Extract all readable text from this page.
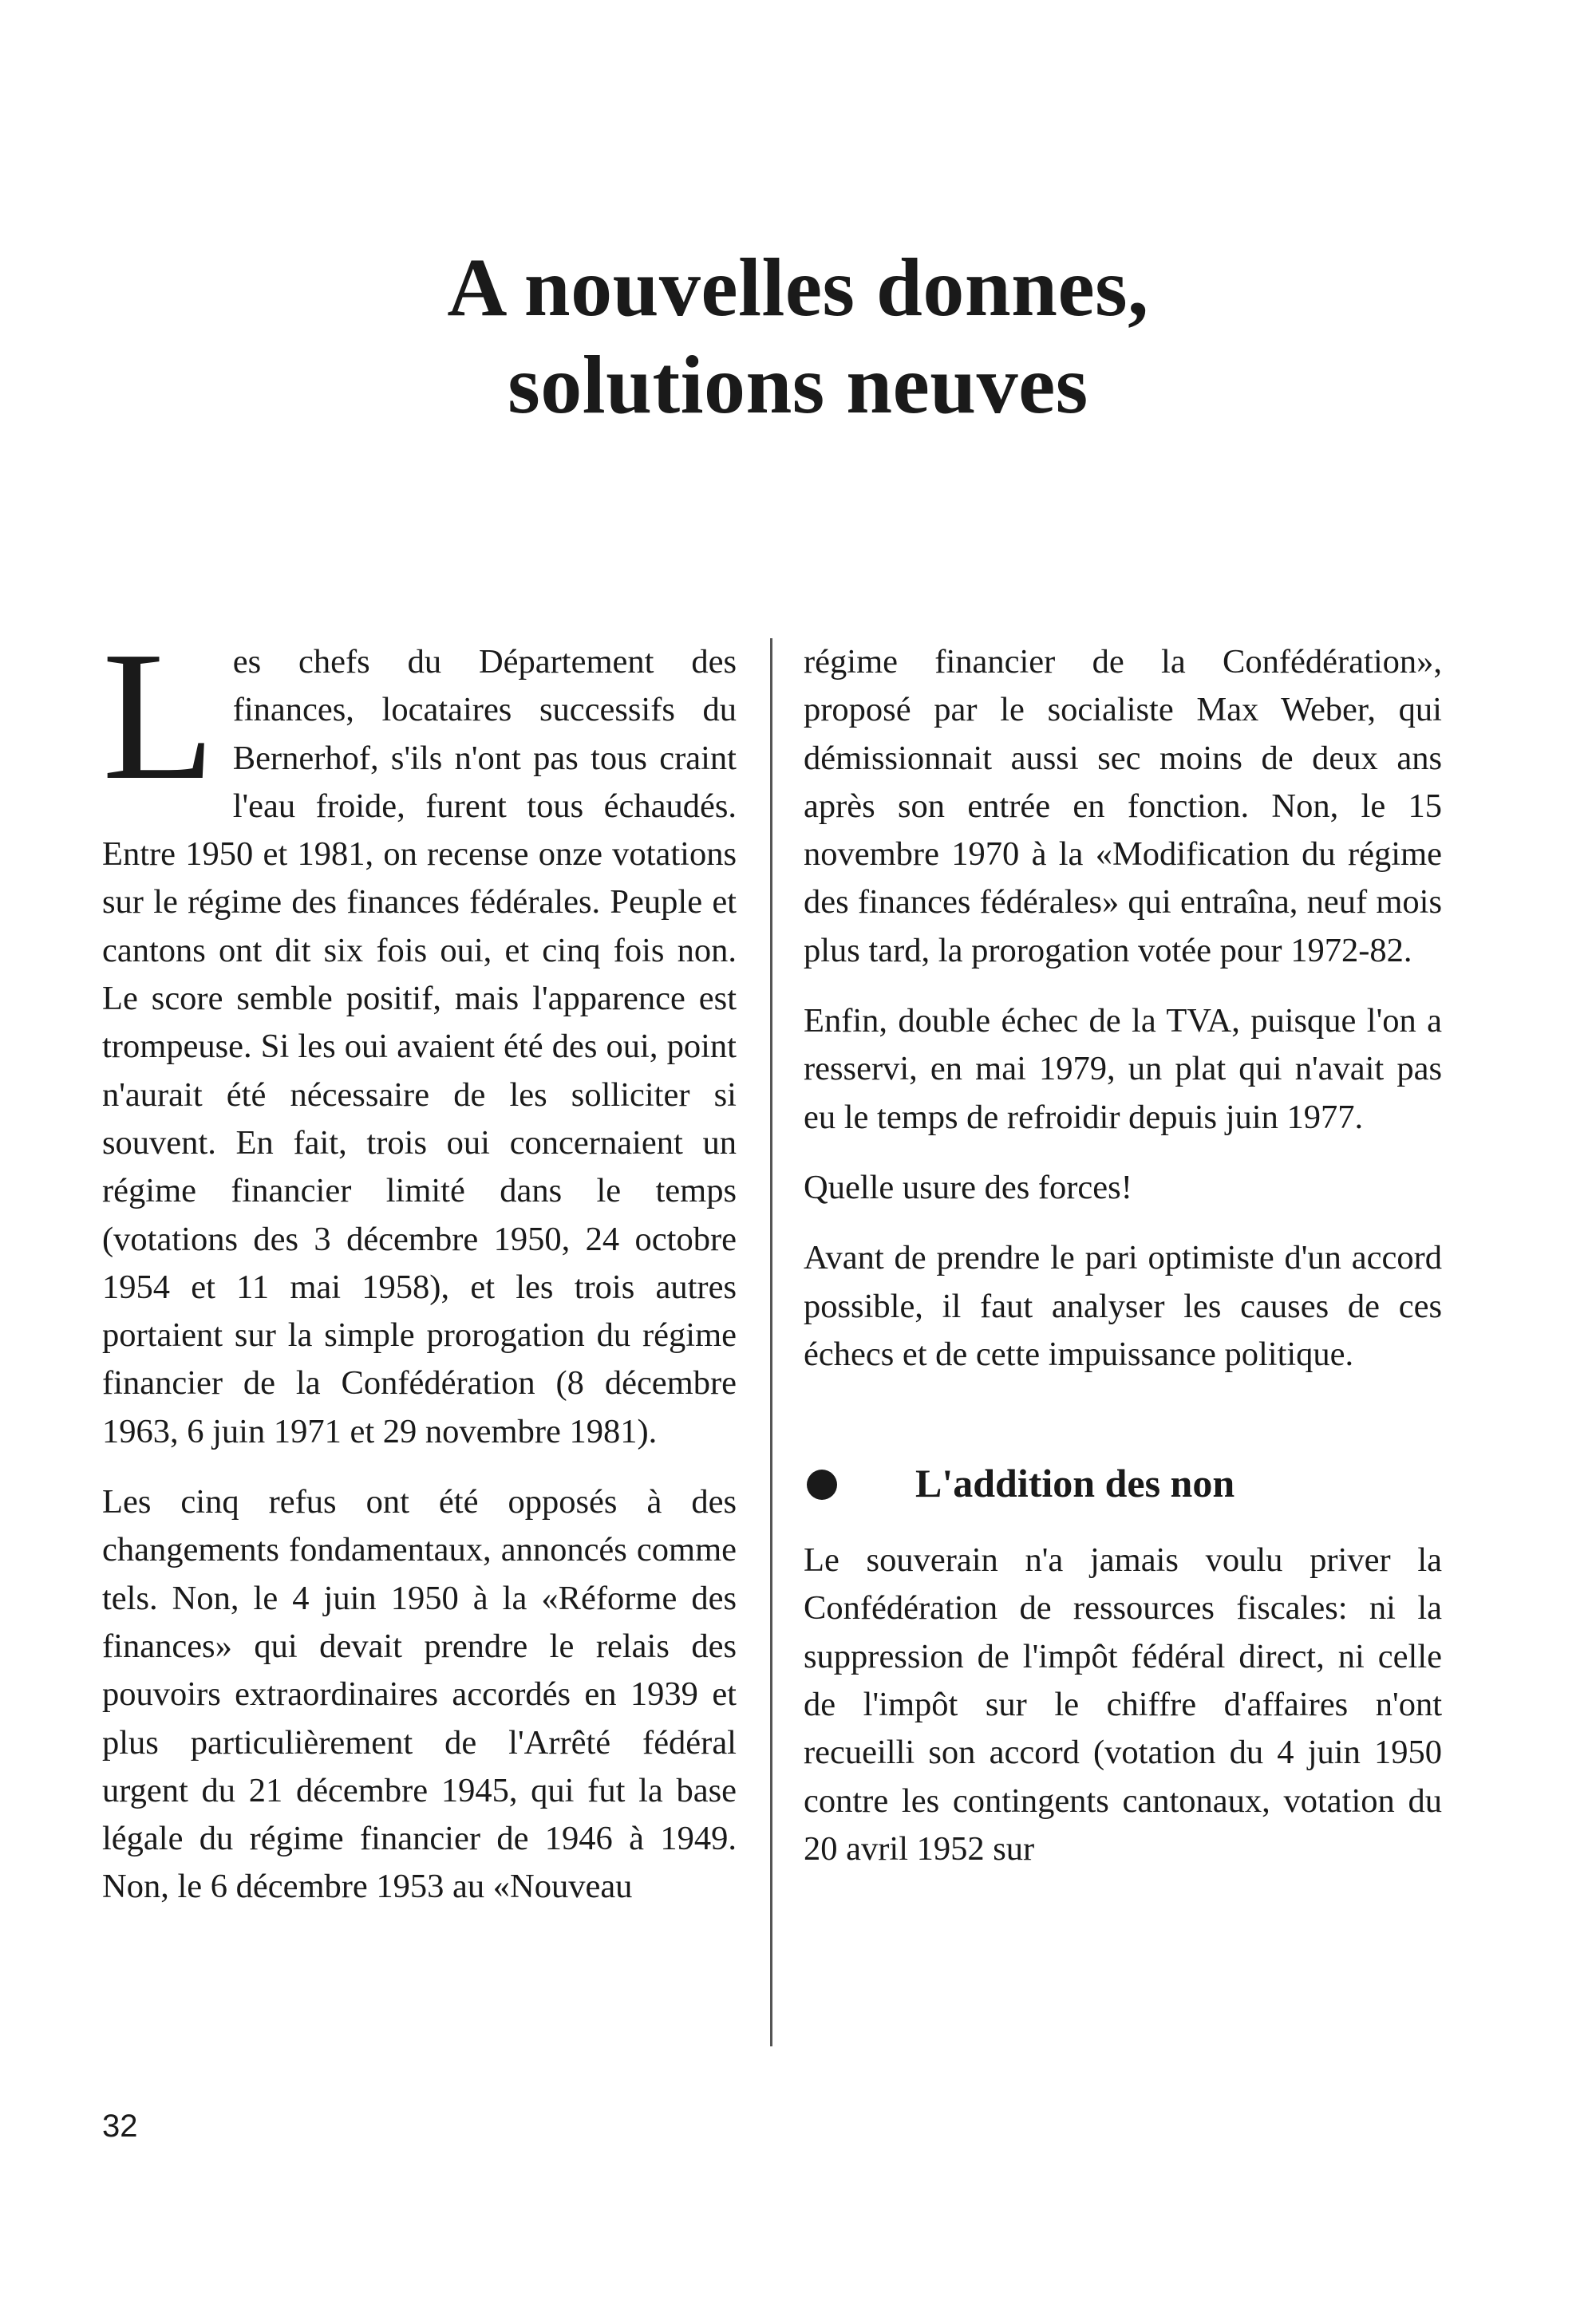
A nouvelles donnes,
solutions neuves

Les chefs du Département des finances, locataires successifs du Bernerhof, s'ils n'ont pas tous craint l'eau froide, furent tous échaudés. Entre 1950 et 1981, on recense onze votations sur le régime des finances fédérales. Peuple et cantons ont dit six fois oui, et cinq fois non. Le score semble positif, mais l'apparence est trompeuse. Si les oui avaient été des oui, point n'aurait été nécessaire de les solliciter si souvent. En fait, trois oui concernaient un régime financier limité dans le temps (votations des 3 décembre 1950, 24 octobre 1954 et 11 mai 1958), et les trois autres portaient sur la simple prorogation du régime financier de la Confédération (8 décembre 1963, 6 juin 1971 et 29 novembre 1981).

Les cinq refus ont été opposés à des changements fondamentaux, annoncés comme tels. Non, le 4 juin 1950 à la «Réforme des finances» qui devait prendre le relais des pouvoirs extraordinaires accordés en 1939 et plus particulièrement de l'Arrêté fédéral urgent du 21 décembre 1945, qui fut la base légale du régime financier de 1946 à 1949. Non, le 6 décembre 1953 au «Nouveau

régime financier de la Confédération», proposé par le socialiste Max Weber, qui démissionnait aussi sec moins de deux ans après son entrée en fonction. Non, le 15 novembre 1970 à la «Modification du régime des finances fédérales» qui entraîna, neuf mois plus tard, la prorogation votée pour 1972-82.

Enfin, double échec de la TVA, puisque l'on a resservi, en mai 1979, un plat qui n'avait pas eu le temps de refroidir depuis juin 1977.

Quelle usure des forces!

Avant de prendre le pari optimiste d'un accord possible, il faut analyser les causes de ces échecs et de cette impuissance politique.

L'addition des non

Le souverain n'a jamais voulu priver la Confédération de ressources fiscales: ni la suppression de l'impôt fédéral direct, ni celle de l'impôt sur le chiffre d'affaires n'ont recueilli son accord (votation du 4 juin 1950 contre les contingents cantonaux, votation du 20 avril 1952 sur

32
